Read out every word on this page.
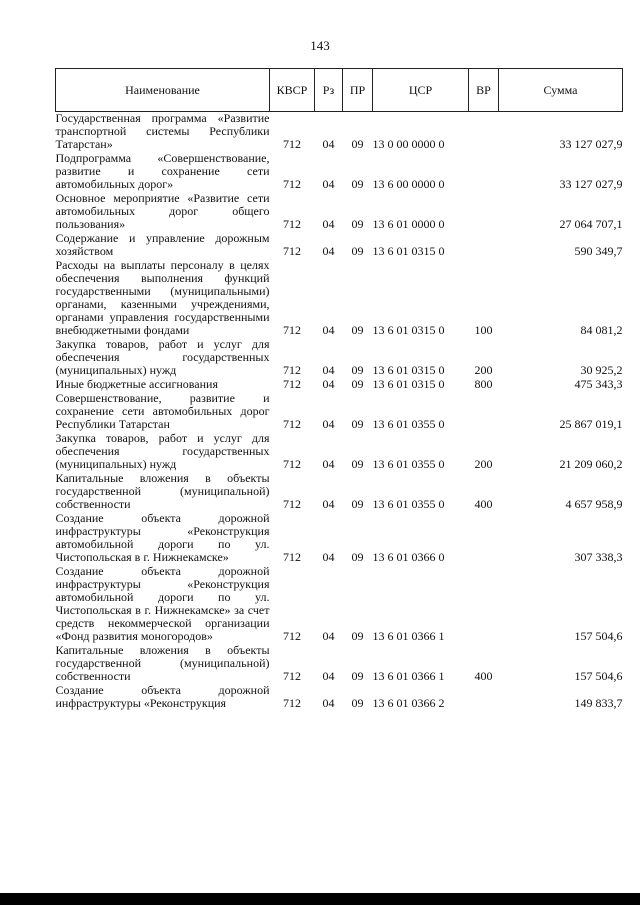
143
Наименование	КВСР	Рз	ПР	ЦСР	ВР	Сумма
Государственная программа «Развитие транспортной системы Республики Татарстан»	712	04	09	13 0 00 0000 0		33 127 027,9
Подпрограмма «Совершенствование, развитие и сохранение сети автомобильных дорог»	712	04	09	13 6 00 0000 0		33 127 027,9
Основное мероприятие «Развитие сети автомобильных дорог общего пользования»	712	04	09	13 6 01 0000 0		27 064 707,1
Содержание и управление дорожным хозяйством	712	04	09	13 6 01 0315 0		590 349,7
Расходы на выплаты персоналу в целях обеспечения выполнения функций государственными (муниципальными) органами, казенными учреждениями, органами управления государственными внебюджетными фондами	712	04	09	13 6 01 0315 0	100	84 081,2
Закупка товаров, работ и услуг для обеспечения государственных (муниципальных) нужд	712	04	09	13 6 01 0315 0	200	30 925,2
Иные бюджетные ассигнования	712	04	09	13 6 01 0315 0	800	475 343,3
Совершенствование, развитие и сохранение сети автомобильных дорог Республики Татарстан	712	04	09	13 6 01 0355 0		25 867 019,1
Закупка товаров, работ и услуг для обеспечения государственных (муниципальных) нужд	712	04	09	13 6 01 0355 0	200	21 209 060,2
Капитальные вложения в объекты государственной (муниципальной) собственности	712	04	09	13 6 01 0355 0	400	4 657 958,9
Создание объекта дорожной инфраструктуры «Реконструкция автомобильной дороги по ул. Чистопольская в г. Нижнекамске»	712	04	09	13 6 01 0366 0		307 338,3
Создание объекта дорожной инфраструктуры «Реконструкция автомобильной дороги по ул. Чистопольская в г. Нижнекамске» за счет средств некоммерческой организации «Фонд развития моногородов»	712	04	09	13 6 01 0366 1		157 504,6
Капитальные вложения в объекты государственной (муниципальной) собственности	712	04	09	13 6 01 0366 1	400	157 504,6
Создание объекта дорожной инфраструктуры «Реконструкция	712	04	09	13 6 01 0366 2		149 833,7
